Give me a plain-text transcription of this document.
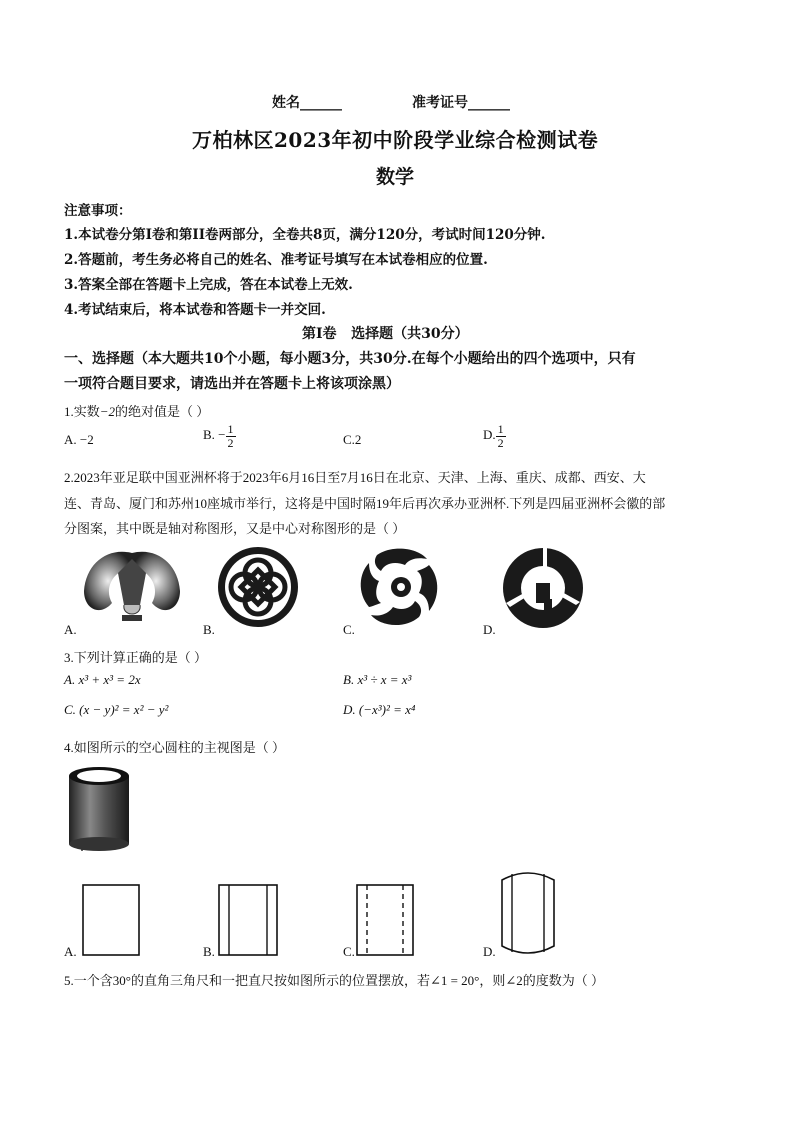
姓名______	准考证号______
万柏林区2023年初中阶段学业综合检测试卷
数学
注意事项：
1.本试卷分第I卷和第II卷两部分，全卷共8页，满分120分，考试时间120分钟.
2.答题前，考生务必将自己的姓名、准考证号填写在本试卷相应的位置.
3.答案全部在答题卡上完成，答在本试卷上无效.
4.考试结束后，将本试卷和答题卡一并交回.
第I卷   选择题（共30分）
一、选择题（本大题共10个小题，每小题3分，共30分.在每个小题给出的四个选项中，只有
一项符合题目要求，请选出并在答题卡上将该项涂黑）
1.实数−2的绝对值是（ ）
A. −2	B. − $\frac{1}{2}$	C.2	D. $\frac{1}{2}$
2.2023年亚足联中国亚洲杯将于2023年6月16日至7月16日在北京、天津、上海、重庆、成都、西安、大
连、青岛、厦门和苏州10座城市举行，这将是中国时隔19年后再次承办亚洲杯.下列是四届亚洲杯会徽的部
分图案，其中既是轴对称图形，又是中心对称图形的是（ ）
A.	B.	C.	D.
3.下列计算正确的是（ ）
A. x³ + x³ = 2x	B. x³ ÷ x = x³
C. (x − y)² = x² − y²	D. (−x³)² = x⁴
4.如图所示的空心圆柱的主视图是（ ）
A.	B.	C.	D.
5.一个含30°的直角三角尺和一把直尺按如图所示的位置摆放，若∠1 = 20°，则∠2的度数为（ ）
